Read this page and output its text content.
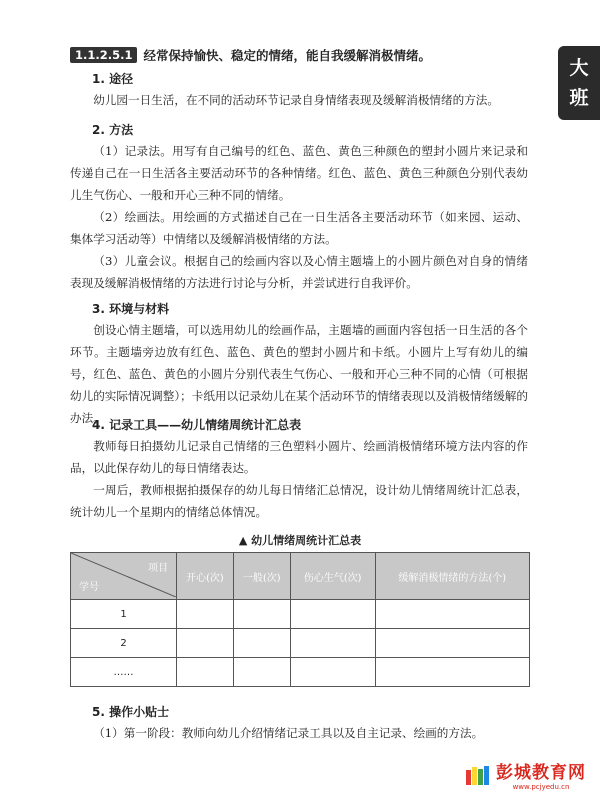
1.1.2.5.1 经常保持愉快、稳定的情绪，能自我缓解消极情绪。
大
班
1. 途径
幼儿园一日生活，在不同的活动环节记录自身情绪表现及缓解消极情绪的方法。
2. 方法
（1）记录法。用写有自己编号的红色、蓝色、黄色三种颜色的塑封小圆片来记录和传递自己在一日生活各主要活动环节的各种情绪。红色、蓝色、黄色三种颜色分别代表幼儿生气伤心、一般和开心三种不同的情绪。
（2）绘画法。用绘画的方式描述自己在一日生活各主要活动环节（如来园、运动、集体学习活动等）中情绪以及缓解消极情绪的方法。
（3）儿童会议。根据自己的绘画内容以及心情主题墙上的小圆片颜色对自身的情绪表现及缓解消极情绪的方法进行讨论与分析，并尝试进行自我评价。
3. 环境与材料
创设心情主题墙，可以选用幼儿的绘画作品，主题墙的画面内容包括一日生活的各个环节。主题墙旁边放有红色、蓝色、黄色的塑封小圆片和卡纸。小圆片上写有幼儿的编号，红色、蓝色、黄色的小圆片分别代表生气伤心、一般和开心三种不同的心情（可根据幼儿的实际情况调整）；卡纸用以记录幼儿在某个活动环节的情绪表现以及消极情绪缓解的办法。
4. 记录工具——幼儿情绪周统计汇总表
教师每日拍摄幼儿记录自己情绪的三色塑料小圆片、绘画消极情绪环境方法内容的作品，以此保存幼儿的每日情绪表达。
一周后，教师根据拍摄保存的幼儿每日情绪汇总情况，设计幼儿情绪周统计汇总表，统计幼儿一个星期内的情绪总体情况。
▲ 幼儿情绪周统计汇总表
项目
学号	开心(次)	一般(次)	伤心生气(次)	缓解消极情绪的方法(个)
1				
2				
……				
5. 操作小贴士
（1）第一阶段：教师向幼儿介绍情绪记录工具以及自主记录、绘画的方法。
彭城教育网
www.pcjyedu.cn
